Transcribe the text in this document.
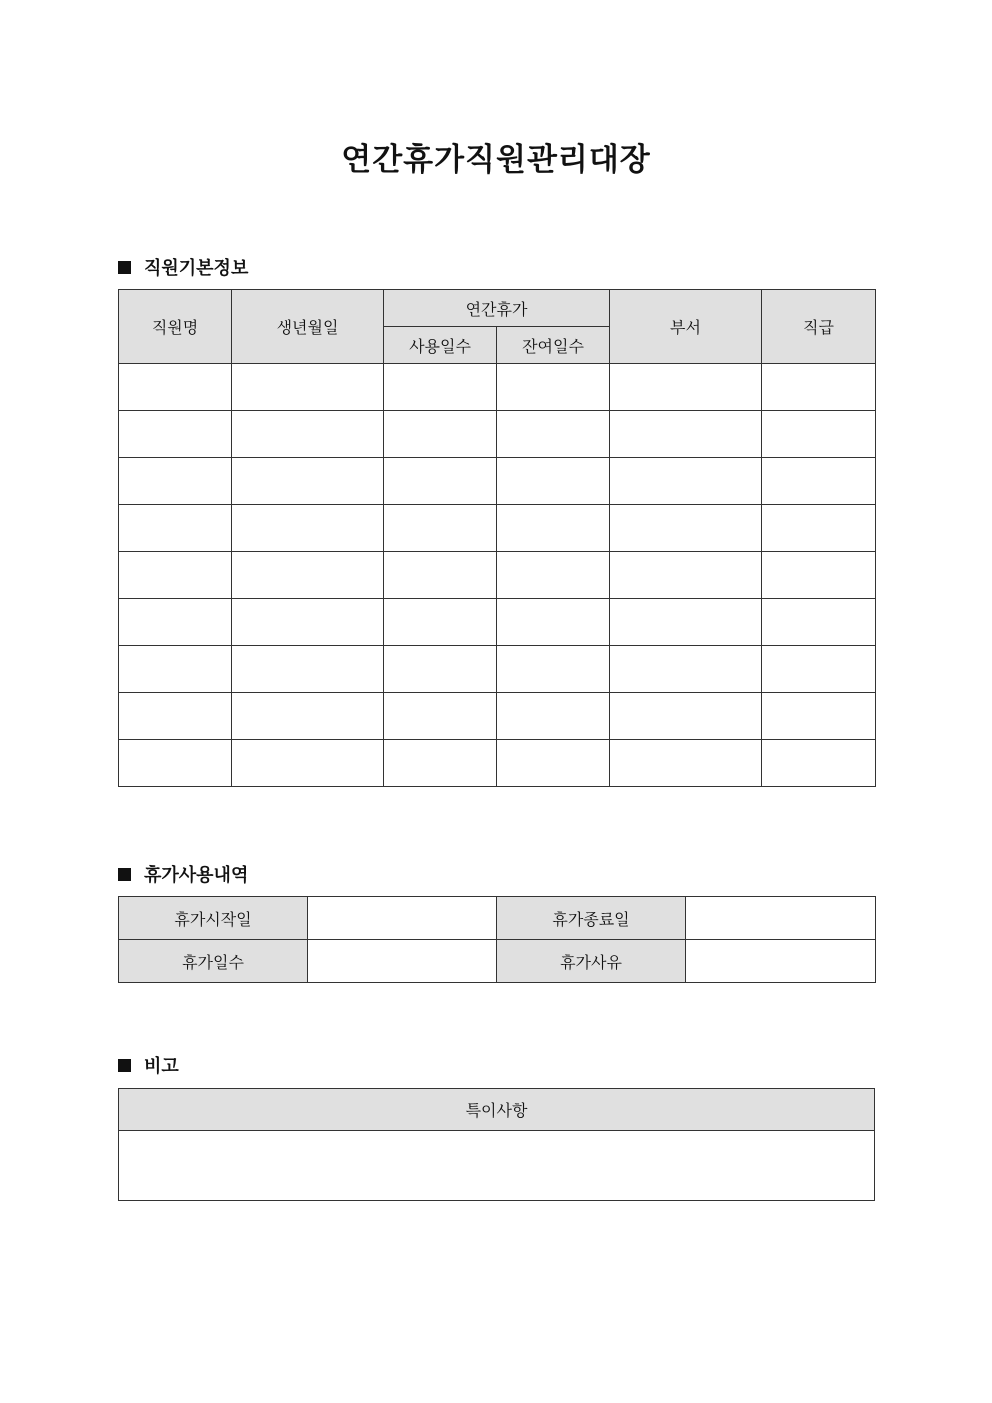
연간휴가직원관리대장
직원기본정보
직원명	생년월일	연간휴가		부서	직급
		사용일수	잔여일수		

휴가사용내역
휴가시작일		휴가종료일	
휴가일수		휴가사유	
비고
특이사항
